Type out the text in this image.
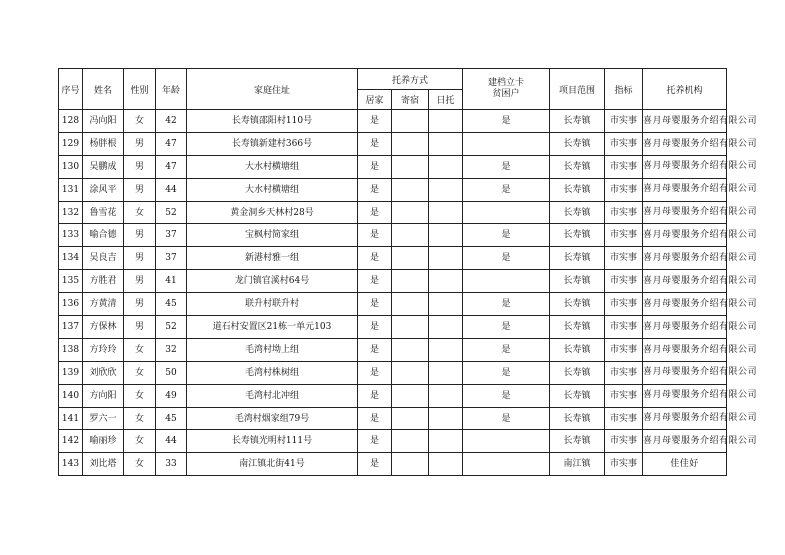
序号	姓名	性别	年龄	家庭住址	托养方式			建档立卡
贫困户	项目范围	指标	托养机构
					居家	寄宿	日托				
128	冯向阳	女	42	长寿镇邵阳村110号	是			是	长寿镇	市实事	喜月母婴服务介绍有限公司
129	杨胖根	男	47	长寿镇新建村366号	是				长寿镇	市实事	喜月母婴服务介绍有限公司
130	吴鹏成	男	47	大水村横塘组	是			是	长寿镇	市实事	喜月母婴服务介绍有限公司
131	涂风平	男	44	大水村横塘组	是			是	长寿镇	市实事	喜月母婴服务介绍有限公司
132	鲁雪花	女	52	黄金洞乡天林村28号	是				长寿镇	市实事	喜月母婴服务介绍有限公司
133	喻合德	男	37	宝枫村简家组	是			是	长寿镇	市实事	喜月母婴服务介绍有限公司
134	吴良吉	男	37	新港村雅一组	是			是	长寿镇	市实事	喜月母婴服务介绍有限公司
135	方胜君	男	41	龙门镇官溪村64号	是				长寿镇	市实事	喜月母婴服务介绍有限公司
136	方黄清	男	45	联升村联升村	是			是	长寿镇	市实事	喜月母婴服务介绍有限公司
137	方保林	男	52	道石村安置区21栋一单元103	是			是	长寿镇	市实事	喜月母婴服务介绍有限公司
138	方玲玲	女	32	毛湾村坳上组	是			是	长寿镇	市实事	喜月母婴服务介绍有限公司
139	刘欣欣	女	50	毛湾村株树组	是			是	长寿镇	市实事	喜月母婴服务介绍有限公司
140	方向阳	女	49	毛湾村北冲组	是			是	长寿镇	市实事	喜月母婴服务介绍有限公司
141	罗六一	女	45	毛湾村烟家组79号	是			是	长寿镇	市实事	喜月母婴服务介绍有限公司
142	喻丽珍	女	44	长寿镇光明村111号	是				长寿镇	市实事	喜月母婴服务介绍有限公司
143	刘比塔	女	33	南江镇北街41号	是				南江镇	市实事	佳佳好
